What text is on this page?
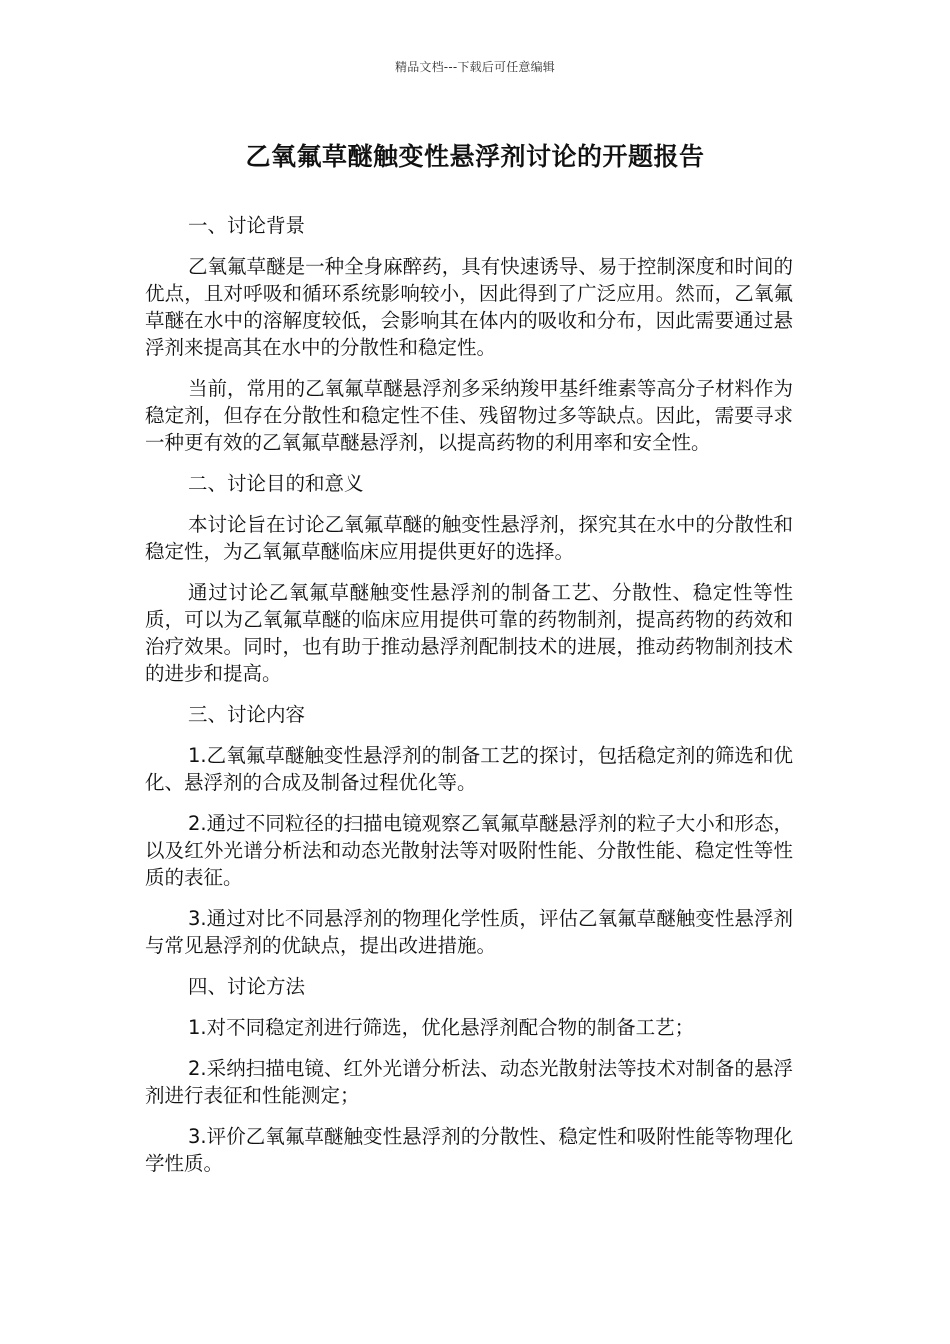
精品文档---下载后可任意编辑
乙氧氟草醚触变性悬浮剂讨论的开题报告
一、讨论背景

乙氧氟草醚是一种全身麻醉药，具有快速诱导、易于控制深度和时间的优点，且对呼吸和循环系统影响较小，因此得到了广泛应用。然而，乙氧氟草醚在水中的溶解度较低，会影响其在体内的吸收和分布，因此需要通过悬浮剂来提高其在水中的分散性和稳定性。

当前，常用的乙氧氟草醚悬浮剂多采纳羧甲基纤维素等高分子材料作为稳定剂，但存在分散性和稳定性不佳、残留物过多等缺点。因此，需要寻求一种更有效的乙氧氟草醚悬浮剂，以提高药物的利用率和安全性。

二、讨论目的和意义

本讨论旨在讨论乙氧氟草醚的触变性悬浮剂，探究其在水中的分散性和稳定性，为乙氧氟草醚临床应用提供更好的选择。

通过讨论乙氧氟草醚触变性悬浮剂的制备工艺、分散性、稳定性等性质，可以为乙氧氟草醚的临床应用提供可靠的药物制剂，提高药物的药效和治疗效果。同时，也有助于推动悬浮剂配制技术的进展，推动药物制剂技术的进步和提高。

三、讨论内容

1.乙氧氟草醚触变性悬浮剂的制备工艺的探讨，包括稳定剂的筛选和优化、悬浮剂的合成及制备过程优化等。

2.通过不同粒径的扫描电镜观察乙氧氟草醚悬浮剂的粒子大小和形态，以及红外光谱分析法和动态光散射法等对吸附性能、分散性能、稳定性等性质的表征。

3.通过对比不同悬浮剂的物理化学性质，评估乙氧氟草醚触变性悬浮剂与常见悬浮剂的优缺点，提出改进措施。

四、讨论方法

1.对不同稳定剂进行筛选，优化悬浮剂配合物的制备工艺；

2.采纳扫描电镜、红外光谱分析法、动态光散射法等技术对制备的悬浮剂进行表征和性能测定；

3.评价乙氧氟草醚触变性悬浮剂的分散性、稳定性和吸附性能等物理化学性质。
